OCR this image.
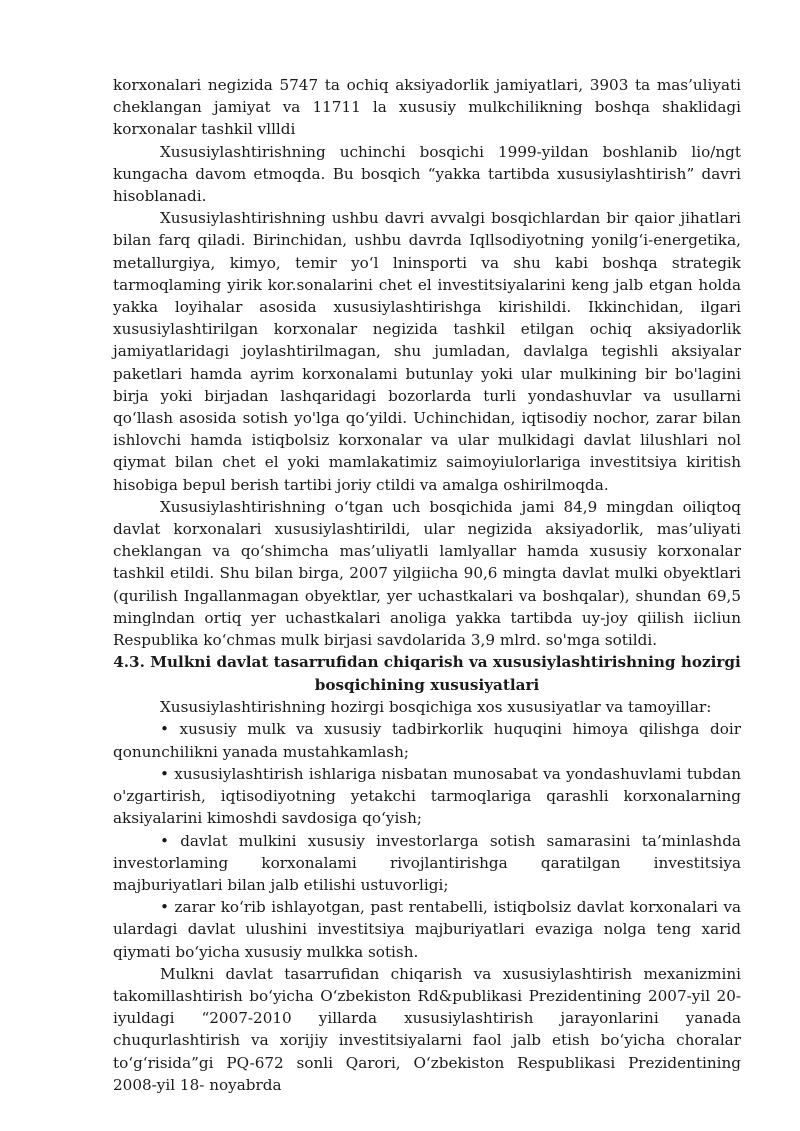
korxonalari negizida 5747 ta ochiq aksiyadorlik jamiyatlari, 3903 ta mas’uliyati cheklangan jamiyat va 11711 la xususiy mulkchilikning boshqa shaklidagi korxonalar tashkil vllldi

Xususiylashtirishning uchinchi bosqichi 1999-yildan boshlanib lio/ngt kungacha davom etmoqda. Bu bosqich “yakka tartibda xususiylashtirish” davri hisoblanadi.

Xususiylashtirishning ushbu davri avvalgi bosqichlardan bir qaior jihatlari bilan farq qiladi. Birinchidan, ushbu davrda Iqllsodiyotning yonilg‘i-energetika, metallurgiya, kimyo, temir yo‘l lninsporti va shu kabi boshqa strategik tarmoqlaming yirik kor.sonalarini chet el investitsiyalarini keng jalb etgan holda yakka loyihalar asosida xususiylashtirishga kirishildi. Ikkinchidan, ilgari xususiylashtirilgan korxonalar negizida tashkil etilgan ochiq aksiyadorlik jamiyatlaridagi joylashtirilmagan, shu jumladan, davlalga tegishli aksiyalar paketlari hamda ayrim korxonalami butunlay yoki ular mulkining bir bo'lagini birja yoki birjadan lashqaridagi bozorlarda turli yondashuvlar va usullarni qo‘llash asosida sotish yo'lga qo‘yildi. Uchinchidan, iqtisodiy nochor, zarar bilan ishlovchi hamda istiqbolsiz korxonalar va ular mulkidagi davlat lilushlari nol qiymat bilan chet el yoki mamlakatimiz saimoyiulorlariga investitsiya kiritish hisobiga bepul berish tartibi joriy ctildi va amalga oshirilmoqda.

Xususiylashtirishning o‘tgan uch bosqichida jami 84,9 mingdan oiliqtoq davlat korxonalari xususiylashtirildi, ular negizida aksiyadorlik, mas’uliyati cheklangan va qo‘shimcha mas’uliyatli lamlyallar hamda xususiy korxonalar tashkil etildi. Shu bilan birga, 2007 yilgiicha 90,6 mingta davlat mulki obyektlari (qurilish Ingallanmagan obyektlar, yer uchastkalari va boshqalar), shundan 69,5 minglndan ortiq yer uchastkalari anoliga yakka tartibda uy-joy qiilish iicliun Respublika ko‘chmas mulk birjasi savdolarida 3,9 mlrd. so'mga sotildi.

4.3. Mulkni davlat tasarrufidan chiqarish va xususiylashtirishning hozirgi
bosqichining xususiyatlari

Xususiylashtirishning hozirgi bosqichiga xos xususiyatlar va tamoyillar:

• xususiy mulk va xususiy tadbirkorlik huquqini himoya qilishga doir qonunchilikni yanada mustahkamlash;

• xususiylashtirish ishlariga nisbatan munosabat va yondashuvlami tubdan o'zgartirish, iqtisodiyotning yetakchi tarmoqlariga qarashli korxonalarning aksiyalarini kimoshdi savdosiga qo‘yish;

• davlat mulkini xususiy investorlarga sotish samarasini ta’minlashda investorlaming korxonalami rivojlantirishga qaratilgan investitsiya majburiyatlari bilan jalb etilishi ustuvorligi;

• zarar ko‘rib ishlayotgan, past rentabelli, istiqbolsiz davlat korxonalari va ulardagi davlat ulushini investitsiya majburiyatlari evaziga nolga teng xarid qiymati bo‘yicha xususiy mulkka sotish.

Mulkni davlat tasarrufidan chiqarish va xususiylashtirish mexanizmini takomillashtirish bo‘yicha O‘zbekiston Rd&publikasi Prezidentining 2007-yil 20-iyuldagi “2007-2010 yillarda xususiylashtirish jarayonlarini yanada chuqurlashtirish va xorijiy investitsiyalarni faol jalb etish bo‘yicha choralar to‘g‘risida”gi PQ-672 sonli Qarori, O‘zbekiston Respublikasi Prezidentining 2008-yil 18- noyabrda
